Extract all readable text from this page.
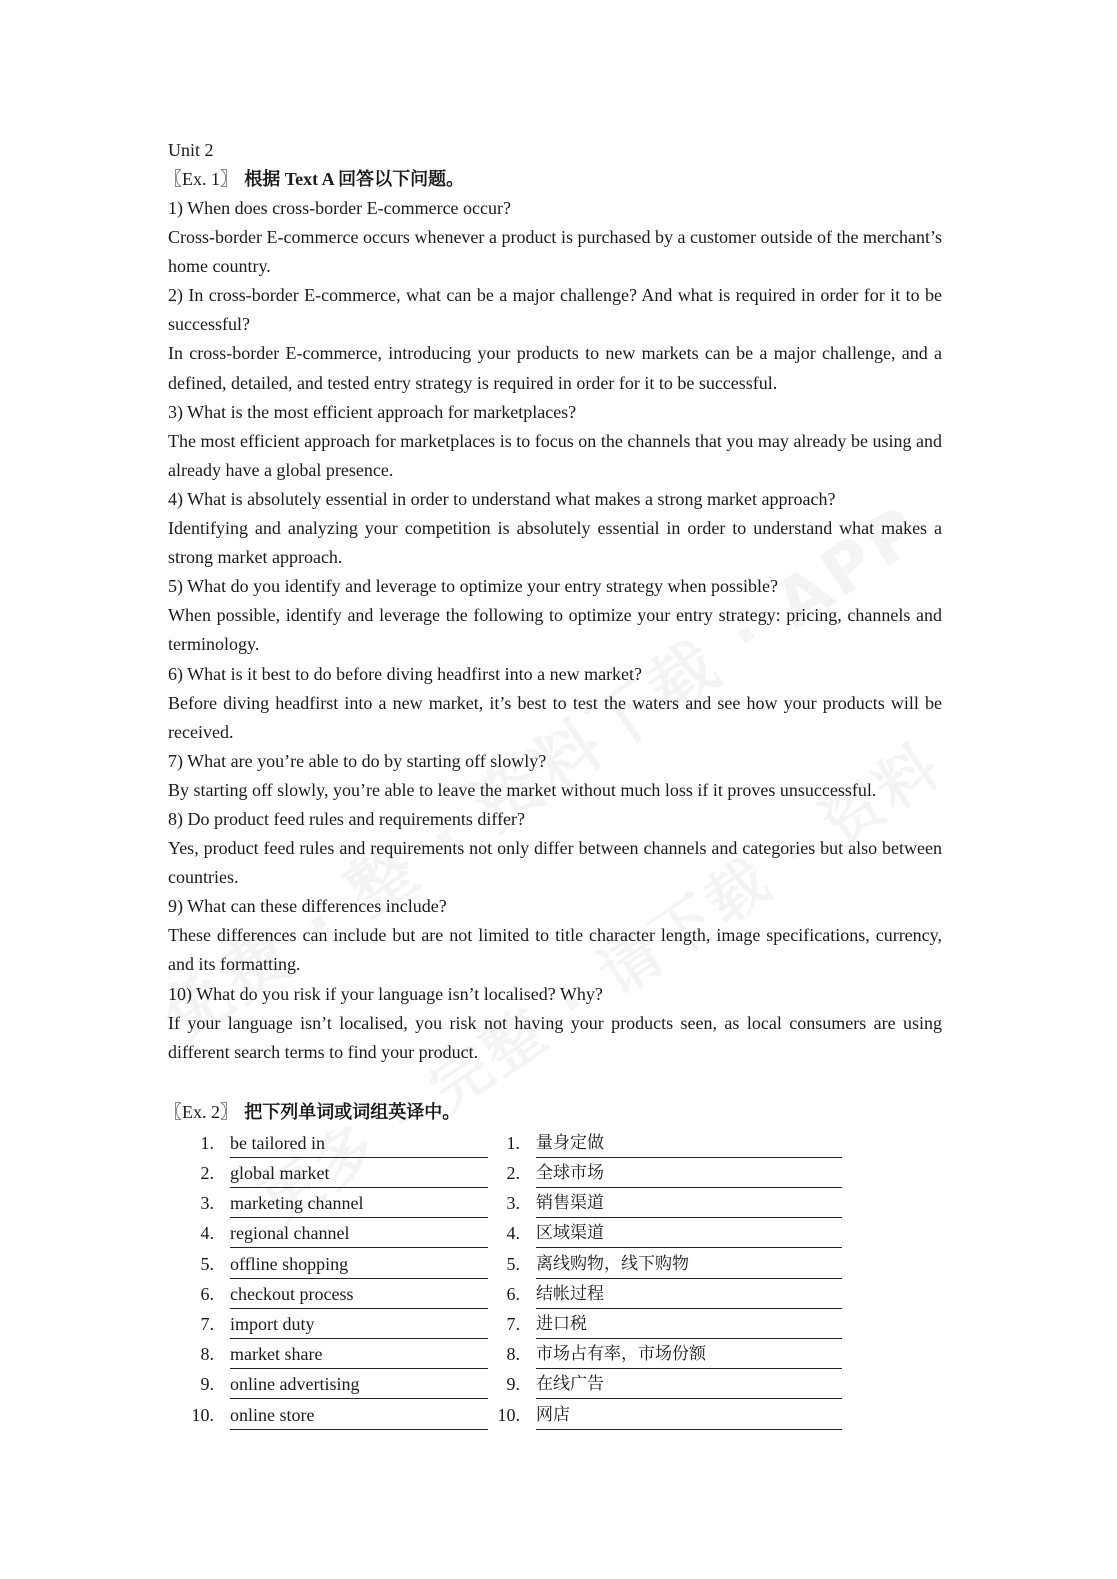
Unit 2
〖Ex. 1〗 根据 Text A 回答以下问题。

1) When does cross-border E-commerce occur?

Cross-border E-commerce occurs whenever a product is purchased by a customer outside of the merchant’s home country.

2) In cross-border E-commerce, what can be a major challenge? And what is required in order for it to be successful?

In cross-border E-commerce, introducing your products to new markets can be a major challenge, and a defined, detailed, and tested entry strategy is required in order for it to be successful.

3) What is the most efficient approach for marketplaces?

The most efficient approach for marketplaces is to focus on the channels that you may already be using and already have a global presence.

4) What is absolutely essential in order to understand what makes a strong market approach?

Identifying and analyzing your competition is absolutely essential in order to understand what makes a strong market approach.

5) What do you identify and leverage to optimize your entry strategy when possible?

When possible, identify and leverage the following to optimize your entry strategy: pricing, channels and terminology.

6) What is it best to do before diving headfirst into a new market?

Before diving headfirst into a new market, it’s best to test the waters and see how your products will be received.

7) What are you’re able to do by starting off slowly?

By starting off slowly, you’re able to leave the market without much loss if it proves unsuccessful.

8) Do product feed rules and requirements differ?

Yes, product feed rules and requirements not only differ between channels and categories but also between countries.

9) What can these differences include?

These differences can include but are not limited to title character length, image specifications, currency, and its formatting.

10) What do you risk if your language isn’t localised? Why?

If your language isn’t localised, you risk not having your products seen, as local consumers are using different search terms to find your product.

〖Ex. 2〗 把下列单词或词组英译中。
1. be tailored in	1. 量身定做
2. global market	2. 全球市场
3. marketing channel	3. 销售渠道
4. regional channel	4. 区域渠道
5. offline shopping	5. 离线购物，线下购物
6. checkout process	6. 结帐过程
7. import duty	7. 进口税
8. market share	8. 市场占有率，市场份额
9. online advertising	9. 在线广告
10. online store	10. 网店
